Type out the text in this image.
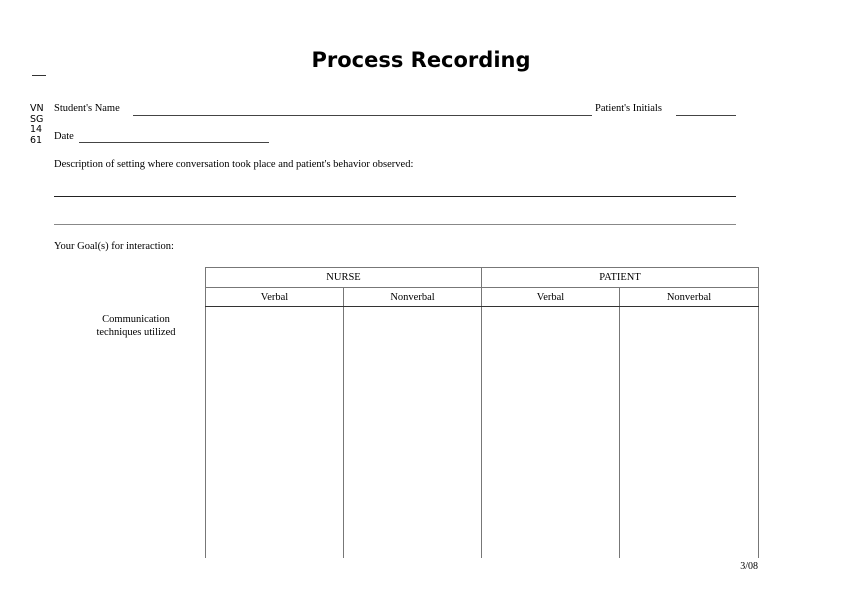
Process Recording
VN
SG
14
61
Student's Name	Patient's Initials
Date
Description of setting where conversation took place and patient's behavior observed:
Your Goal(s) for interaction:
Communication
techniques utilized
NURSE		PATIENT	
Verbal	Nonverbal	Verbal	Nonverbal

3/08
